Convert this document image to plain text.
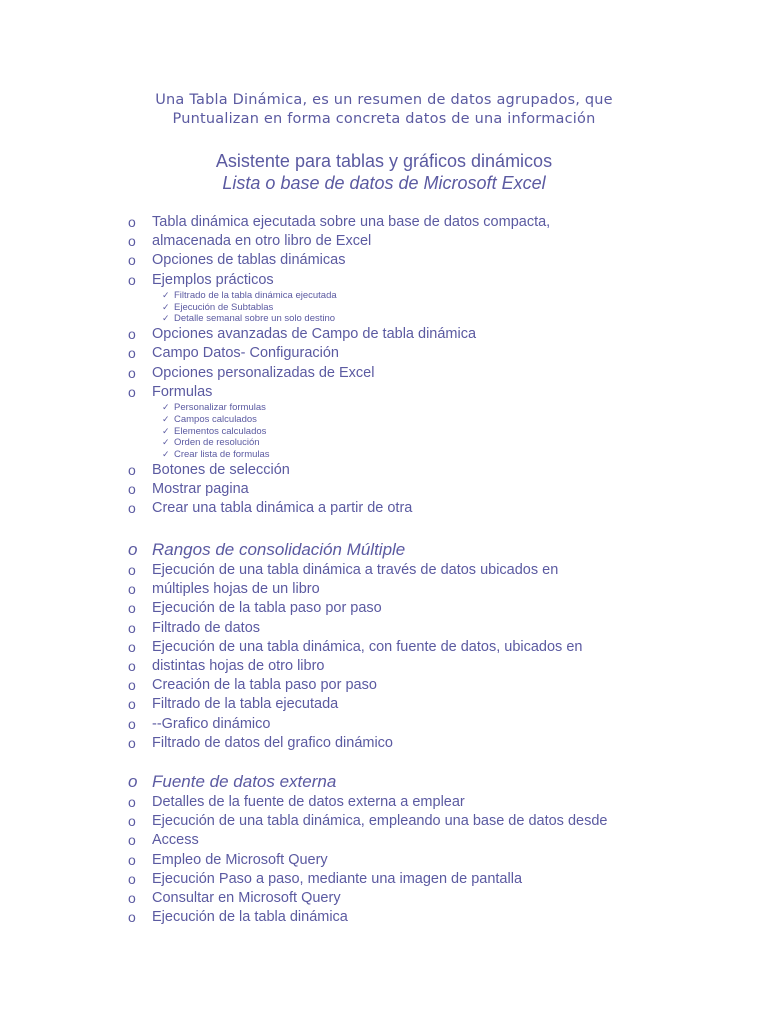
Una Tabla Dinámica, es un resumen de datos agrupados, que
Puntualizan en forma concreta datos de una información
Asistente para tablas y gráficos dinámicos
Lista o base de datos de Microsoft Excel
o Tabla dinámica ejecutada sobre una base de datos compacta,
o almacenada en otro libro de Excel
o Opciones de tablas dinámicas
o Ejemplos prácticos
✓ Filtrado de la tabla dinámica ejecutada
✓ Ejecución de Subtablas
✓ Detalle semanal sobre un solo destino
o Opciones avanzadas de Campo de tabla dinámica
o Campo Datos- Configuración
o Opciones personalizadas de Excel
o Formulas
✓ Personalizar formulas
✓ Campos calculados
✓ Elementos calculados
✓ Orden de resolución
✓ Crear lista de formulas
o Botones de selección
o Mostrar pagina
o Crear una tabla dinámica a partir de otra
o Rangos de consolidación Múltiple
o Ejecución de una tabla dinámica a través de datos ubicados en
o múltiples hojas de un libro
o Ejecución de la tabla paso por paso
o Filtrado de datos
o Ejecución de una tabla dinámica, con fuente de datos, ubicados en
o distintas hojas de otro libro
o Creación de la tabla paso por paso
o Filtrado de la tabla ejecutada
o --Grafico dinámico
o Filtrado de datos del grafico dinámico
o Fuente de datos externa
o Detalles de la fuente de datos externa a emplear
o Ejecución de una tabla dinámica, empleando una base de datos desde
o Access
o Empleo de Microsoft Query
o Ejecución Paso a paso, mediante una imagen de pantalla
o Consultar en Microsoft Query
o Ejecución de la tabla dinámica
